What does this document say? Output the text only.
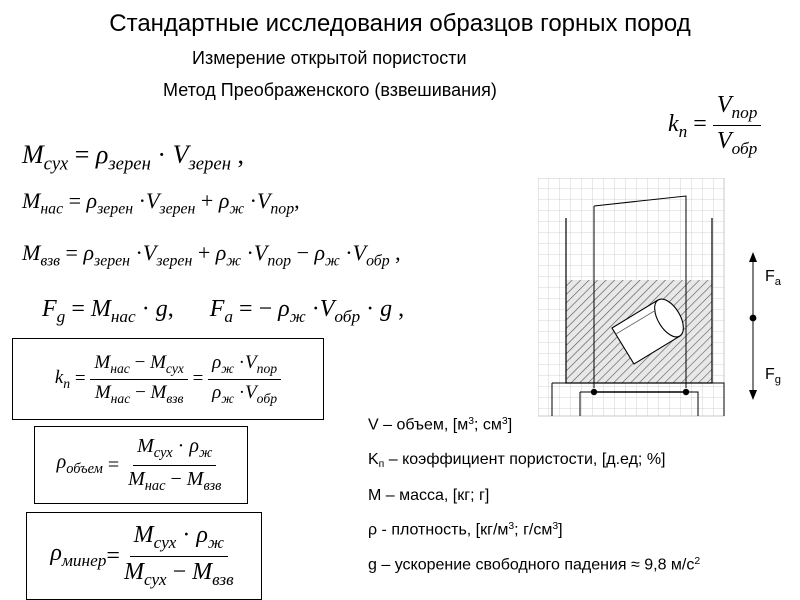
Стандартные исследования образцов горных пород
Измерение открытой пористости
Метод Преображенского (взвешивания)
$k_п = \frac{V_{пор}}{V_{обр}}$
$M_{сух} = \rho_{зерен} \cdot V_{зерен}$ ,
$M_{нас} = \rho_{зерен} \cdot V_{зерен} + \rho_ж \cdot V_{пор}$,
$M_{взв} = \rho_{зерен} \cdot V_{зерен} + \rho_ж \cdot V_{пор} - \rho_ж \cdot V_{обр}$ ,
$F_g = M_{нас} \cdot g$, $F_a$ = − $\rho_ж \cdot V_{обр} \cdot g$ ,
$k_п = \frac{M_{нас} - M_{сух}}{M_{нас} - M_{взв}} = \frac{\rho_ж \cdot V_{пор}}{\rho_ж \cdot V_{обр}}$
$\rho_{объем} = \frac{M_{сух} \cdot \rho_ж}{M_{нас} - M_{взв}}$
$\rho_{минер} = \frac{M_{сух} \cdot \rho_ж}{M_{сух} - M_{взв}}$
V – объем, [$м^3$; $см^3$]
$K_п$ – коэффициент пористости, [д.ед; %]
M – масса, [кг; г]
ρ - плотность, [$кг/м^3$; $г/см^3$]
g – ускорение свободного падения ≈ 9,8 $м/с^2$
$F_a$
$F_g$
